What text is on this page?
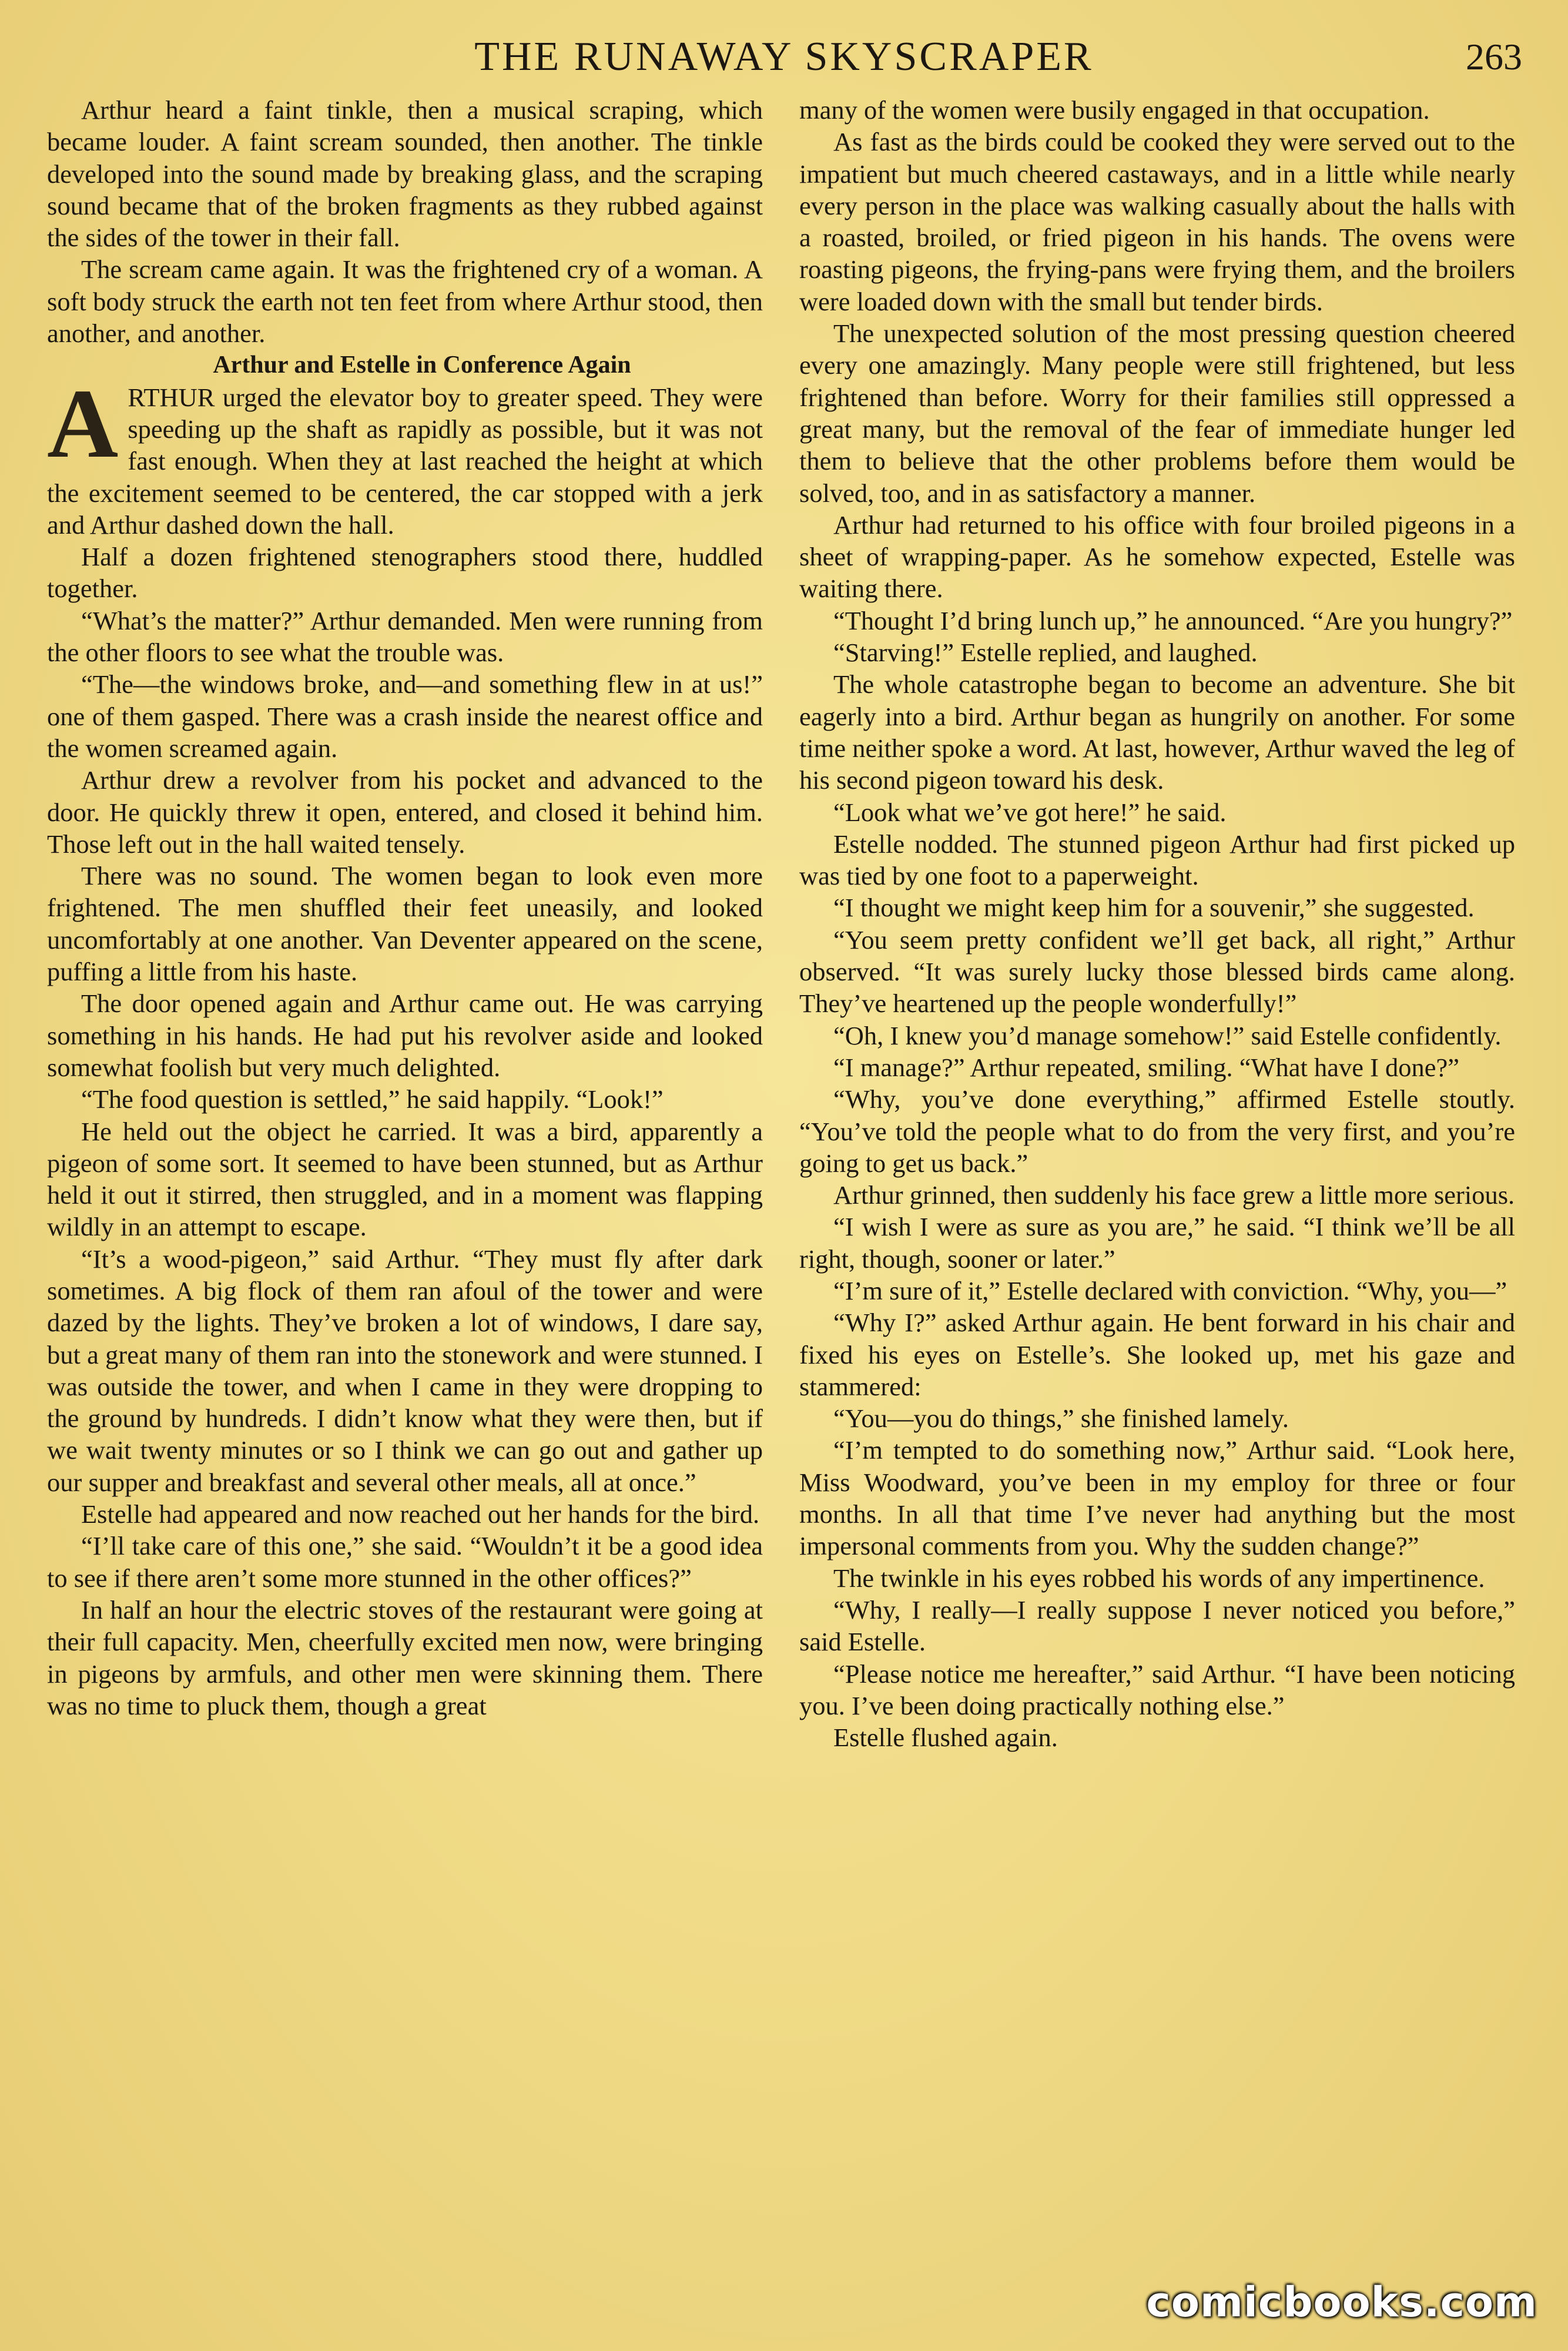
THE RUNAWAY SKYSCRAPER	263

Arthur heard a faint tinkle, then a musical scraping, which became louder. A faint scream sounded, then another. The tinkle developed into the sound made by breaking glass, and the scraping sound became that of the broken fragments as they rubbed against the sides of the tower in their fall.

The scream came again. It was the frightened cry of a woman. A soft body struck the earth not ten feet from where Arthur stood, then another, and another.

Arthur and Estelle in Conference Again

ARTHUR urged the elevator boy to greater speed. They were speeding up the shaft as rapidly as possible, but it was not fast enough. When they at last reached the height at which the excitement seemed to be centered, the car stopped with a jerk and Arthur dashed down the hall.

Half a dozen frightened stenographers stood there, huddled together.

“What’s the matter?” Arthur demanded. Men were running from the other floors to see what the trouble was.

“The—the windows broke, and—and something flew in at us!” one of them gasped. There was a crash inside the nearest office and the women screamed again.

Arthur drew a revolver from his pocket and advanced to the door. He quickly threw it open, entered, and closed it behind him. Those left out in the hall waited tensely.

There was no sound. The women began to look even more frightened. The men shuffled their feet uneasily, and looked uncomfortably at one another. Van Deventer appeared on the scene, puffing a little from his haste.

The door opened again and Arthur came out. He was carrying something in his hands. He had put his revolver aside and looked somewhat foolish but very much delighted.

“The food question is settled,” he said happily. “Look!”

He held out the object he carried. It was a bird, apparently a pigeon of some sort. It seemed to have been stunned, but as Arthur held it out it stirred, then struggled, and in a moment was flapping wildly in an attempt to escape.

“It’s a wood-pigeon,” said Arthur. “They must fly after dark sometimes. A big flock of them ran afoul of the tower and were dazed by the lights. They’ve broken a lot of windows, I dare say, but a great many of them ran into the stonework and were stunned. I was outside the tower, and when I came in they were dropping to the ground by hundreds. I didn’t know what they were then, but if we wait twenty minutes or so I think we can go out and gather up our supper and breakfast and several other meals, all at once.”

Estelle had appeared and now reached out her hands for the bird.

“I’ll take care of this one,” she said. “Wouldn’t it be a good idea to see if there aren’t some more stunned in the other offices?”

In half an hour the electric stoves of the restaurant were going at their full capacity. Men, cheerfully excited men now, were bringing in pigeons by armfuls, and other men were skinning them. There was no time to pluck them, though a great

many of the women were busily engaged in that occupation.

As fast as the birds could be cooked they were served out to the impatient but much cheered castaways, and in a little while nearly every person in the place was walking casually about the halls with a roasted, broiled, or fried pigeon in his hands. The ovens were roasting pigeons, the frying-pans were frying them, and the broilers were loaded down with the small but tender birds.

The unexpected solution of the most pressing question cheered every one amazingly. Many people were still frightened, but less frightened than before. Worry for their families still oppressed a great many, but the removal of the fear of immediate hunger led them to believe that the other problems before them would be solved, too, and in as satisfactory a manner.

Arthur had returned to his office with four broiled pigeons in a sheet of wrapping-paper. As he somehow expected, Estelle was waiting there.

“Thought I’d bring lunch up,” he announced. “Are you hungry?”

“Starving!” Estelle replied, and laughed.

The whole catastrophe began to become an adventure. She bit eagerly into a bird. Arthur began as hungrily on another. For some time neither spoke a word. At last, however, Arthur waved the leg of his second pigeon toward his desk.

“Look what we’ve got here!” he said.

Estelle nodded. The stunned pigeon Arthur had first picked up was tied by one foot to a paperweight.

“I thought we might keep him for a souvenir,” she suggested.

“You seem pretty confident we’ll get back, all right,” Arthur observed. “It was surely lucky those blessed birds came along. They’ve heartened up the people wonderfully!”

“Oh, I knew you’d manage somehow!” said Estelle confidently.

“I manage?” Arthur repeated, smiling. “What have I done?”

“Why, you’ve done everything,” affirmed Estelle stoutly. “You’ve told the people what to do from the very first, and you’re going to get us back.”

Arthur grinned, then suddenly his face grew a little more serious.

“I wish I were as sure as you are,” he said. “I think we’ll be all right, though, sooner or later.”

“I’m sure of it,” Estelle declared with conviction. “Why, you—”

“Why I?” asked Arthur again. He bent forward in his chair and fixed his eyes on Estelle’s. She looked up, met his gaze and stammered:

“You—you do things,” she finished lamely.

“I’m tempted to do something now,” Arthur said. “Look here, Miss Woodward, you’ve been in my employ for three or four months. In all that time I’ve never had anything but the most impersonal comments from you. Why the sudden change?”

The twinkle in his eyes robbed his words of any impertinence.

“Why, I really—I really suppose I never noticed you before,” said Estelle.

“Please notice me hereafter,” said Arthur. “I have been noticing you. I’ve been doing practically nothing else.”

Estelle flushed again.

comicbooks.com
